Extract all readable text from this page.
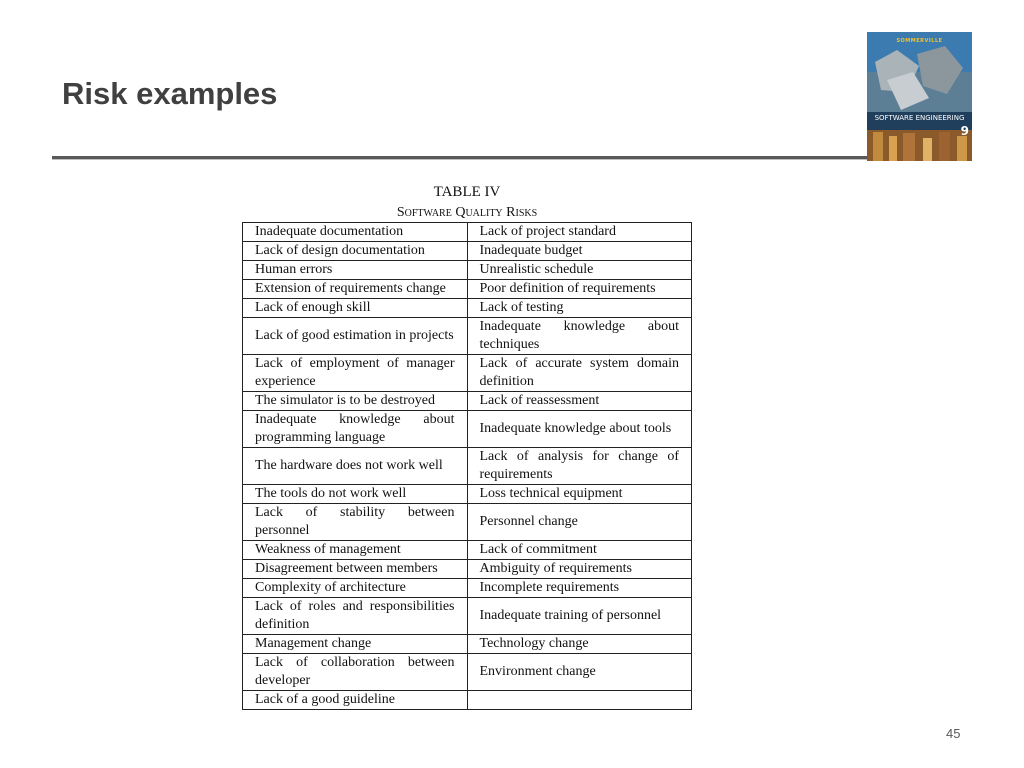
Risk examples
SOMMERVILLE
SOFTWARE ENGINEERING
9
TABLE IV
Software Quality Risks
Inadequate documentation	Lack of project standard
Lack of design documentation	Inadequate budget
Human errors	Unrealistic schedule
Extension of requirements change	Poor definition of requirements
Lack of enough skill	Lack of testing
Lack of good estimation in projects	Inadequate knowledge about techniques
Lack of employment of manager experience	Lack of accurate system domain definition
The simulator is to be destroyed	Lack of reassessment
Inadequate knowledge about programming language	Inadequate knowledge about tools
The hardware does not work well	Lack of analysis for change of requirements
The tools do not work well	Loss technical equipment
Lack of stability between personnel	Personnel change
Weakness of management	Lack of commitment
Disagreement between members	Ambiguity of requirements
Complexity of architecture	Incomplete requirements
Lack of roles and responsibilities definition	Inadequate training of personnel
Management change	Technology change
Lack of collaboration between developer	Environment change
Lack of a good guideline	
45
